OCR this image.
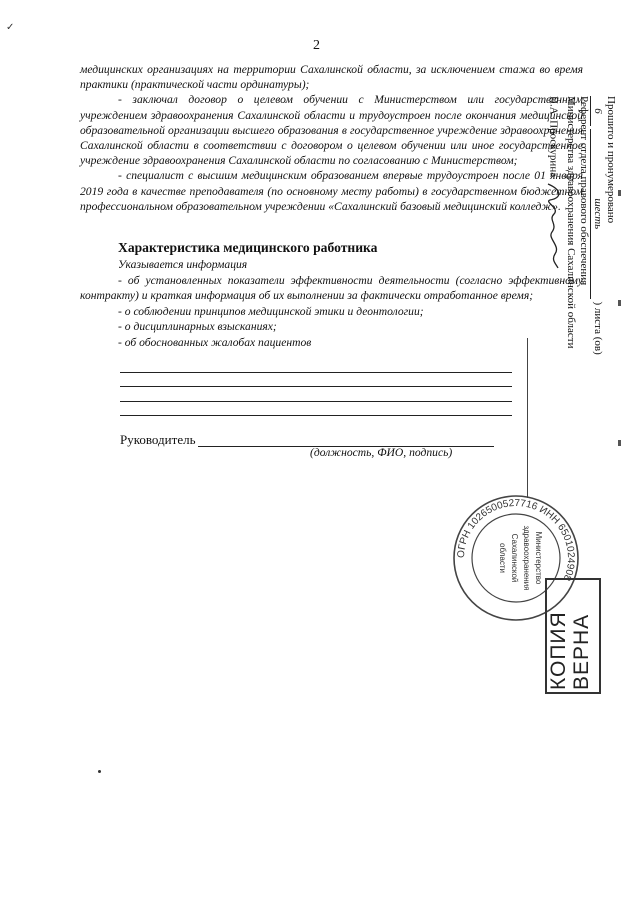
✓
2

медицинских организациях на территории Сахалинской области, за исключением стажа во время практики (практической части ординатуры);

- заключал договор о целевом обучении с Министерством или государственным учреждением здравоохранения Сахалинской области и трудоустроен после окончания медицинской образовательной организации высшего образования в государственное учреждение здравоохранения Сахалинской области в соответствии с договором о целевом обучении или иное государственное учреждение здравоохранения Сахалинской области по согласованию с Министерством;

- специалист с высшим медицинским образованием впервые трудоустроен после 01 января 2019 года в качестве преподавателя (по основному месту работы) в государственном бюджетном профессиональном образовательном учреждении «Сахалинский базовый медицинский колледж».

Характеристика медицинского работника

Указывается информация

- об установленных показатели эффективности деятельности (согласно эффективному контракту) и краткая информация об их выполнении за фактически отработанное время;

- о соблюдении принципов медицинской этики и деонтологии;

- о дисциплинарных взысканиях;

- об обоснованных жалобах пациентов

Руководитель
(должность, ФИО, подпись)
Прошито и пронумеровано
6 шесть ) листа (ов)
Референт отдела правового обеспечения
Министерства здравоохранения Сахалинской области
И.А. Проскурина
ОГРН 1026500527716 ИНН 6501024908
Министерство
здравоохранения
Сахалинской
области
КОПИЯ ВЕРНА
